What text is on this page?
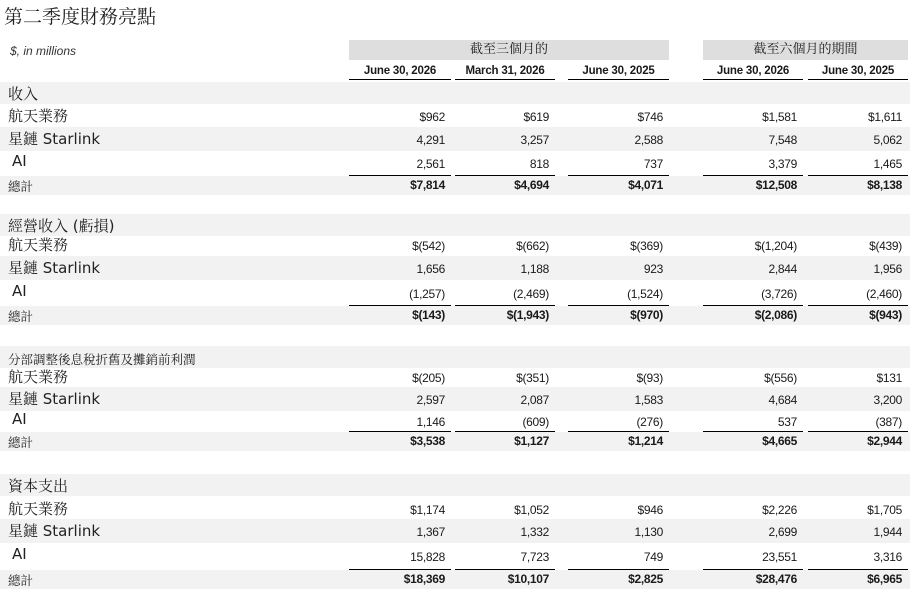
第二季度財務亮點
$, in millions	截至三個月的	截至六個月的期間
June 30, 2026	March 31, 2026	June 30, 2025	June 30, 2026	June 30, 2025
收入
航天業務	$962	$619	$746	$1,581	$1,611
星鏈 Starlink	4,291	3,257	2,588	7,548	5,062
AI	2,561	818	737	3,379	1,465
總計	$7,814	$4,694	$4,071	$12,508	$8,138
經營收入 (虧損)
航天業務	$(542)	$(662)	$(369)	$(1,204)	$(439)
星鏈 Starlink	1,656	1,188	923	2,844	1,956
AI	(1,257)	(2,469)	(1,524)	(3,726)	(2,460)
總計	$(143)	$(1,943)	$(970)	$(2,086)	$(943)
分部調整後息稅折舊及攤銷前利潤
航天業務	$(205)	$(351)	$(93)	$(556)	$131
星鏈 Starlink	2,597	2,087	1,583	4,684	3,200
AI	1,146	(609)	(276)	537	(387)
總計	$3,538	$1,127	$1,214	$4,665	$2,944
資本支出
航天業務	$1,174	$1,052	$946	$2,226	$1,705
星鏈 Starlink	1,367	1,332	1,130	2,699	1,944
AI	15,828	7,723	749	23,551	3,316
總計	$18,369	$10,107	$2,825	$28,476	$6,965
